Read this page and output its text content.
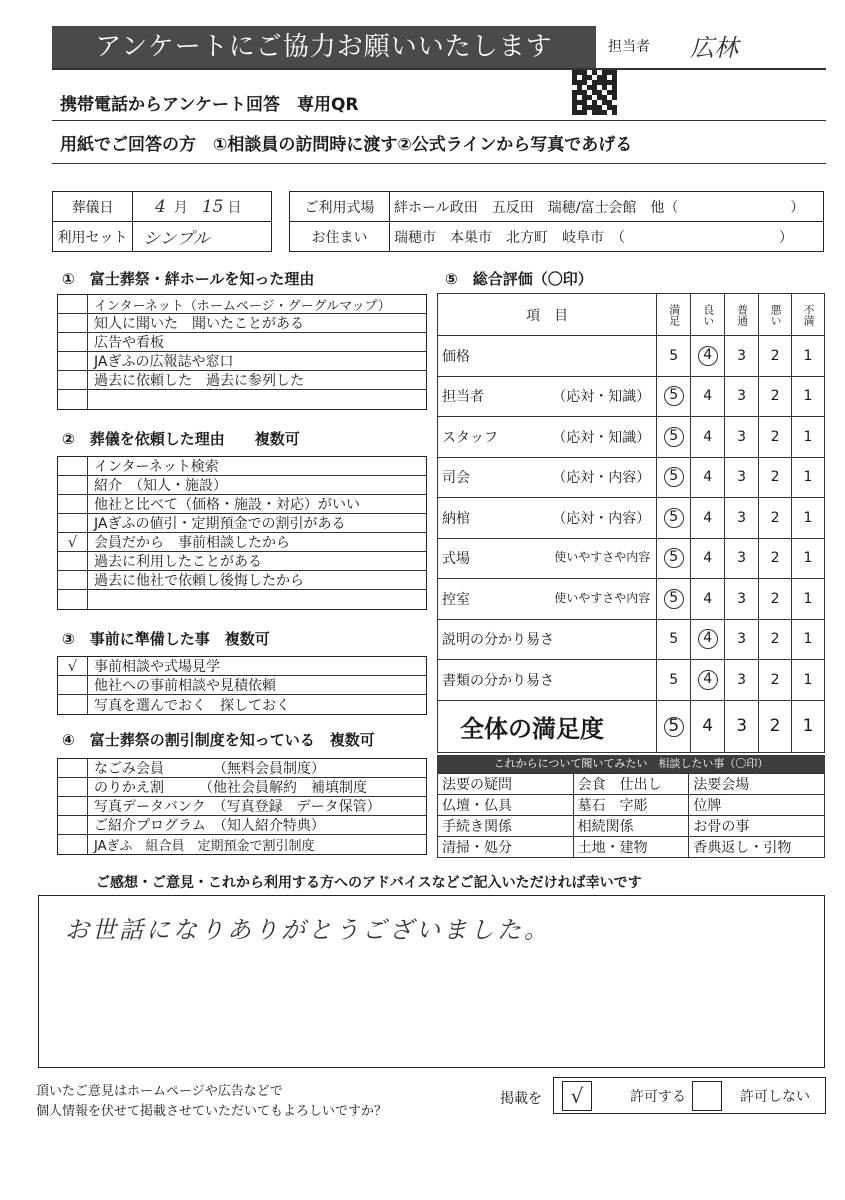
アンケートにご協力お願いいたします	担当者 広林
携帯電話からアンケート回答　専用QR
用紙でご回答の方　①相談員の訪問時に渡す②公式ラインから写真であげる
葬儀日	4 月 15 日
利用セット	シンプル
ご利用式場	絆ホール政田　五反田　瑞穂/富士会館　他（　　　　　　　　）
お住まい	瑞穂市　本巣市　北方町　岐阜市　（　　　　　　　　　　　）
①　富士葬祭・絆ホールを知った理由
インターネット（ホームページ・グーグルマップ）
知人に聞いた　聞いたことがある
広告や看板
JAぎふの広報誌や窓口
過去に依頼した　過去に参列した
②　葬儀を依頼した理由　　複数可
インターネット検索
紹介　（知人・施設）
他社と比べて（価格・施設・対応）がいい
JAぎふの値引・定期預金での割引がある
√	会員だから　事前相談したから
過去に利用したことがある
過去に他社で依頼し後悔したから
③　事前に準備した事　複数可
√	事前相談や式場見学
他社への事前相談や見積依頼
写真を選んでおく　探しておく
④　富士葬祭の割引制度を知っている　複数可
なごみ会員　　　　（無料会員制度）
のりかえ割　　　（他社会員解約　補填制度
写真データバンク　（写真登録　データ保管）
ご紹介プログラム　（知人紹介特典）
JAぎふ　組合員　定期預金で割引制度
⑤　総合評価（〇印）
項　目	満足	良い	普通	悪い	不満
価格	5	4	3	2	1
担当者 （応対・知識）	5	4	3	2	1
スタッフ （応対・知識）	5	4	3	2	1
司会 （応対・内容）	5	4	3	2	1
納棺 （応対・内容）	5	4	3	2	1
式場 使いやすさや内容	5	4	3	2	1
控室 使いやすさや内容	5	4	3	2	1
説明の分かり易さ	5	4	3	2	1
書類の分かり易さ	5	4	3	2	1
全体の満足度	5	4	3	2	1
これからについて聞いてみたい　相談したい事（〇印）
法要の疑問	会食　仕出し	法要会場
仏壇・仏具	墓石　字彫	位牌
手続き関係	相続関係	お骨の事
清掃・処分	土地・建物	香典返し・引物
ご感想・ご意見・これから利用する方へのアドバイスなどご記入いただければ幸いです
お世話になりありがとうございました。
頂いたご意見はホームページや広告などで
個人情報を伏せて掲載させていただいてもよろしいですか？
掲載を	√	許可する	許可しない
